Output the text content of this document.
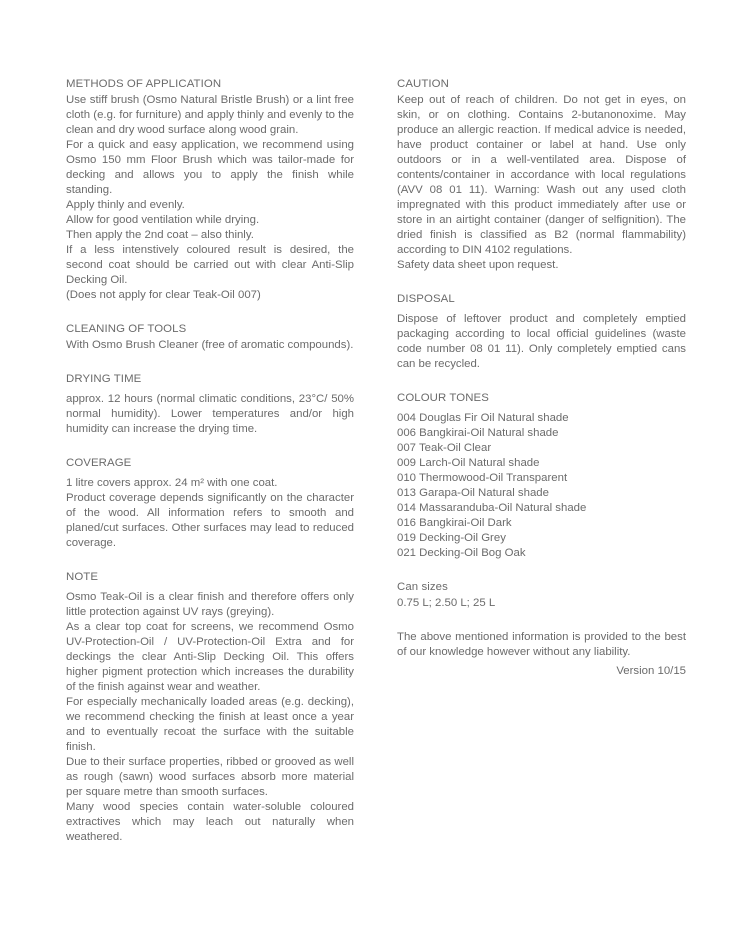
METHODS OF APPLICATION

Use stiff brush (Osmo Natural Bristle Brush) or a lint free cloth (e.g. for furniture) and apply thinly and evenly to the clean and dry wood surface along wood grain.

For a quick and easy application, we recommend using Osmo 150 mm Floor Brush which was tailor-made for decking and allows you to apply the finish while standing.

Apply thinly and evenly.

Allow for good ventilation while drying.

Then apply the 2nd coat – also thinly.

If a less intenstively coloured result is desired, the second coat should be carried out with clear Anti-Slip Decking Oil.

(Does not apply for clear Teak-Oil 007)

CLEANING OF TOOLS

With Osmo Brush Cleaner (free of aromatic compounds).

DRYING TIME

approx. 12 hours (normal climatic conditions, 23°C/ 50% normal humidity). Lower temperatures and/or high humidity can increase the drying time.

COVERAGE

1 litre covers approx. 24 m² with one coat.

Product coverage depends significantly on the character of the wood. All information refers to smooth and planed/cut surfaces. Other surfaces may lead to reduced coverage.

NOTE

Osmo Teak-Oil is a clear finish and therefore offers only little protection against UV rays (greying).

As a clear top coat for screens, we recommend Osmo UV-Protection-Oil / UV-Protection-Oil Extra and for deckings the clear Anti-Slip Decking Oil. This offers higher pigment protection which increases the durability of the finish against wear and weather.

For especially mechanically loaded areas (e.g. decking), we recommend checking the finish at least once a year and to eventually recoat the surface with the suitable finish.

Due to their surface properties, ribbed or grooved as well as rough (sawn) wood surfaces absorb more material per square metre than smooth surfaces.

Many wood species contain water-soluble coloured extractives which may leach out naturally when weathered.

CAUTION

Keep out of reach of children. Do not get in eyes, on skin, or on clothing. Contains 2-butanonoxime. May produce an allergic reaction. If medical advice is needed, have product container or label at hand. Use only outdoors or in a well-ventilated area. Dispose of contents/container in accordance with local regulations (AVV 08 01 11). Warning: Wash out any used cloth impregnated with this product immediately after use or store in an airtight container (danger of selfignition). The dried finish is classified as B2 (normal flammability) according to DIN 4102 regulations.

Safety data sheet upon request.

DISPOSAL

Dispose of leftover product and completely emptied packaging according to local official guidelines (waste code number 08 01 11). Only completely emptied cans can be recycled.

COLOUR TONES
004 Douglas Fir Oil Natural shade
006 Bangkirai-Oil Natural shade
007 Teak-Oil Clear
009 Larch-Oil Natural shade
010 Thermowood-Oil Transparent
013 Garapa-Oil Natural shade
014 Massaranduba-Oil Natural shade
016 Bangkirai-Oil Dark
019 Decking-Oil Grey
021 Decking-Oil Bog Oak
Can sizes

0.75 L; 2.50 L; 25 L

The above mentioned information is provided to the best of our knowledge however without any liability.

Version 10/15
